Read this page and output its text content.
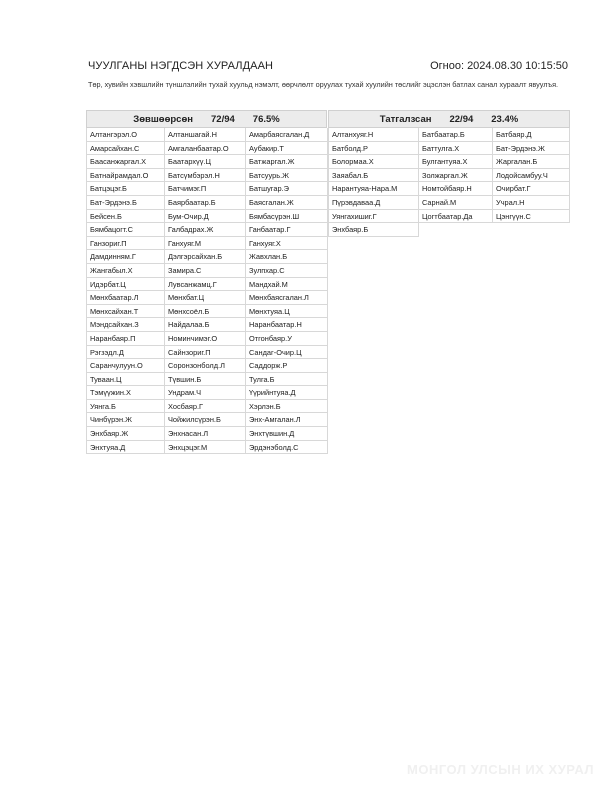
ЧУУЛГАНЫ НЭГДСЭН ХУРАЛДААН	Огноо: 2024.08.30 10:15:50
Төр, хувийн хэвшлийн түншлэлийн тухай хуульд нэмэлт, өөрчлөлт оруулах тухай хуулийн төслийг эцэслэн батлах санал хураалт явуулъя.
Зөвшөөрсөн 72/94 76.5%
Алтангэрэл.О	Алтаншагай.Н	Амарбаясгалан.Д
Амарсайхан.С	Амгаланбаатар.О	Аубакир.Т
Баасанжаргал.Х	Баатархүү.Ц	Батжаргал.Ж
Батнайрамдал.О	Батсүмбэрэл.Н	Батсуурь.Ж
Батцэцэг.Б	Батчимэг.П	Батшугар.Э
Бат-Эрдэнэ.Б	Баярбаатар.Б	Баясгалан.Ж
Бейсен.Б	Бум-Очир.Д	Бямбасүрэн.Ш
Бямбацогт.С	Галбадрах.Ж	Ганбаатар.Г
Ганзориг.П	Ганхуяг.М	Ганхуяг.Х
Дамдинням.Г	Дэлгэрсайхан.Б	Жавхлан.Б
Жангабыл.Х	Замира.С	Зулпхар.С
Идэрбат.Ц	Лувсанжамц.Г	Мандхай.М
Мөнхбаатар.Л	Мөнхбат.Ц	Мөнхбаясгалан.Л
Мөнхсайхан.Т	Мөнхсоёл.Б	Мөнхтуяа.Ц
Мэндсайхан.З	Найдалаа.Б	Наранбаатар.Н
Наранбаяр.П	Номинчимэг.О	Отгонбаяр.У
Рэгзэдл.Д	Сайнзориг.П	Сандаг-Очир.Ц
Саранчулуун.О	Соронзонболд.Л	Саддорж.Р
Туваан.Ц	Түвшин.Б	Тулга.Б
Тэмүүжин.Х	Ундрам.Ч	Үүрийнтуяа.Д
Уянга.Б	Хосбаяр.Г	Хэрлэн.Б
Чинбүрэн.Ж	Чойжилсүрэн.Б	Энх-Амгалан.Л
Энхбаяр.Ж	Энхнасан.Л	Энхтүвшин.Д
Энхтуяа.Д	Энхцэцэг.М	Эрдэнэболд.С
Татгалзсан 22/94 23.4%
Алтанхуяг.Н	Батбаатар.Б	Батбаяр.Д
Батболд.Р	Баттулга.Х	Бат-Эрдэнэ.Ж
Болормаа.Х	Булгантуяа.Х	Жаргалан.Б
Заяабал.Б	Золжаргал.Ж	Лодойсамбуу.Ч
Нарантуяа-Нара.М	Номтойбаяр.Н	Очирбат.Г
Пүрэвдаваа.Д	Сарнай.М	Учрал.Н
Уянгахишиг.Г	Цогтбаатар.Да	Цэнгүүн.С
Энхбаяр.Б
МОНГОЛ УЛСЫН ИХ ХУРАЛ
